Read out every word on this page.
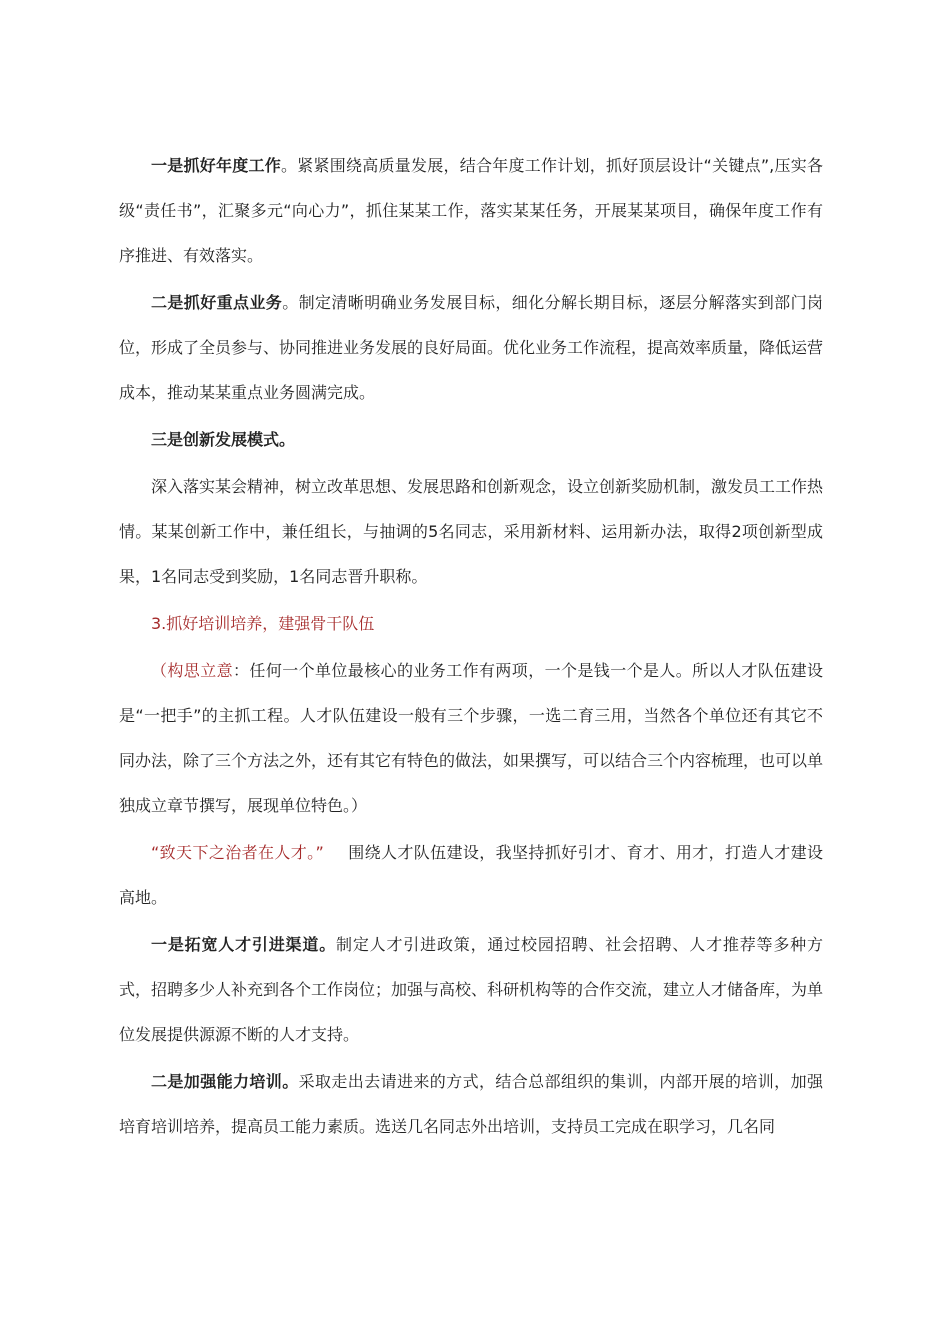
一是抓好年度工作。紧紧围绕高质量发展，结合年度工作计划，抓好顶层设计“关键点”,压实各级“责任书”，汇聚多元“向心力”，抓住某某工作，落实某某任务，开展某某项目，确保年度工作有序推进、有效落实。

二是抓好重点业务。制定清晰明确业务发展目标，细化分解长期目标，逐层分解落实到部门岗位，形成了全员参与、协同推进业务发展的良好局面。优化业务工作流程，提高效率质量，降低运营成本，推动某某重点业务圆满完成。

三是创新发展模式。

深入落实某会精神，树立改革思想、发展思路和创新观念，设立创新奖励机制，激发员工工作热情。某某创新工作中，兼任组长，与抽调的5名同志，采用新材料、运用新办法，取得2项创新型成果，1名同志受到奖励，1名同志晋升职称。

3.抓好培训培养，建强骨干队伍

（构思立意：任何一个单位最核心的业务工作有两项，一个是钱一个是人。所以人才队伍建设是“一把手”的主抓工程。人才队伍建设一般有三个步骤，一选二育三用，当然各个单位还有其它不同办法，除了三个方法之外，还有其它有特色的做法，如果撰写，可以结合三个内容梳理，也可以单独成立章节撰写，展现单位特色。）

“致天下之治者在人才。” 围绕人才队伍建设，我坚持抓好引才、育才、用才，打造人才建设高地。

一是拓宽人才引进渠道。制定人才引进政策，通过校园招聘、社会招聘、人才推荐等多种方式，招聘多少人补充到各个工作岗位；加强与高校、科研机构等的合作交流，建立人才储备库，为单位发展提供源源不断的人才支持。

二是加强能力培训。采取走出去请进来的方式，结合总部组织的集训，内部开展的培训，加强培育培训培养，提高员工能力素质。选送几名同志外出培训，支持员工完成在职学习，几名同
